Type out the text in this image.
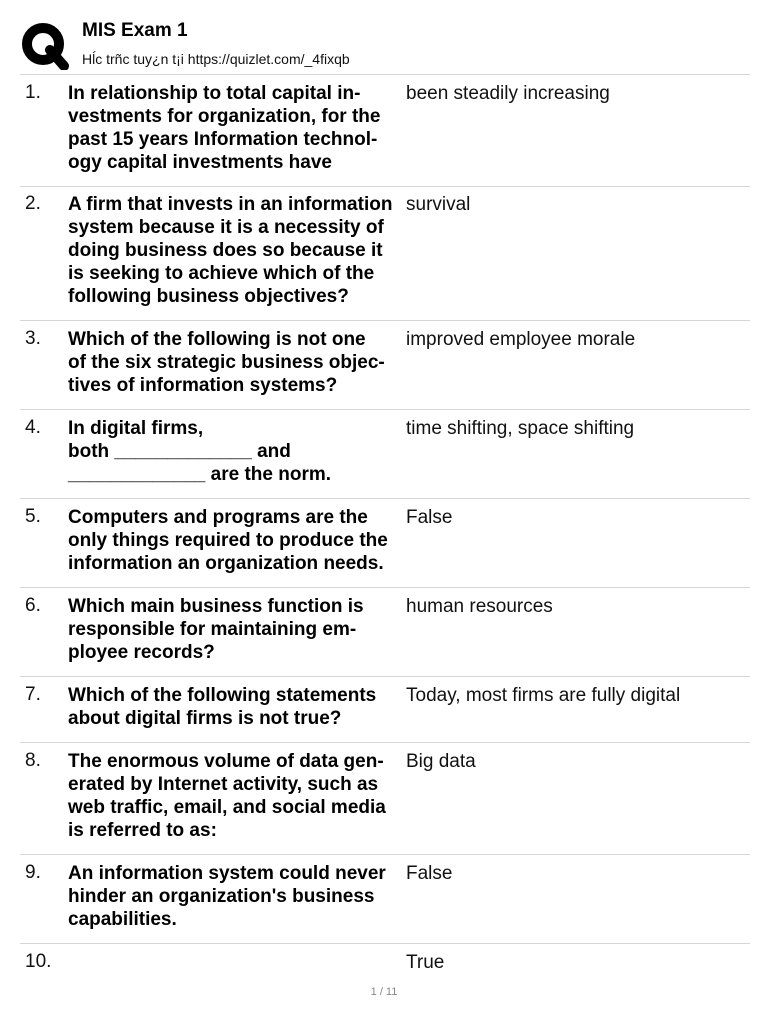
MIS Exam 1
Hĺc trñc tuy¿n t¡i https://quizlet.com/_4fixqb
1. In relationship to total capital in-
vestments for organization, for the
past 15 years Information technol-
ogy capital investments have
been steadily increasing
2. A firm that invests in an information
system because it is a necessity of
doing business does so because it
is seeking to achieve which of the
following business objectives?
survival
3. Which of the following is not one
of the six strategic business objec-
tives of information systems?
improved employee morale
4. In digital firms,
both _____________ and
_____________ are the norm.
time shifting, space shifting
5. Computers and programs are the
only things required to produce the
information an organization needs.
False
6. Which main business function is
responsible for maintaining em-
ployee records?
human resources
7. Which of the following statements
about digital firms is not true?
Today, most firms are fully digital
8. The enormous volume of data gen-
erated by Internet activity, such as
web traffic, email, and social media
is referred to as:
Big data
9. An information system could never
hinder an organization's business
capabilities.
False
10.	True
1 / 11
